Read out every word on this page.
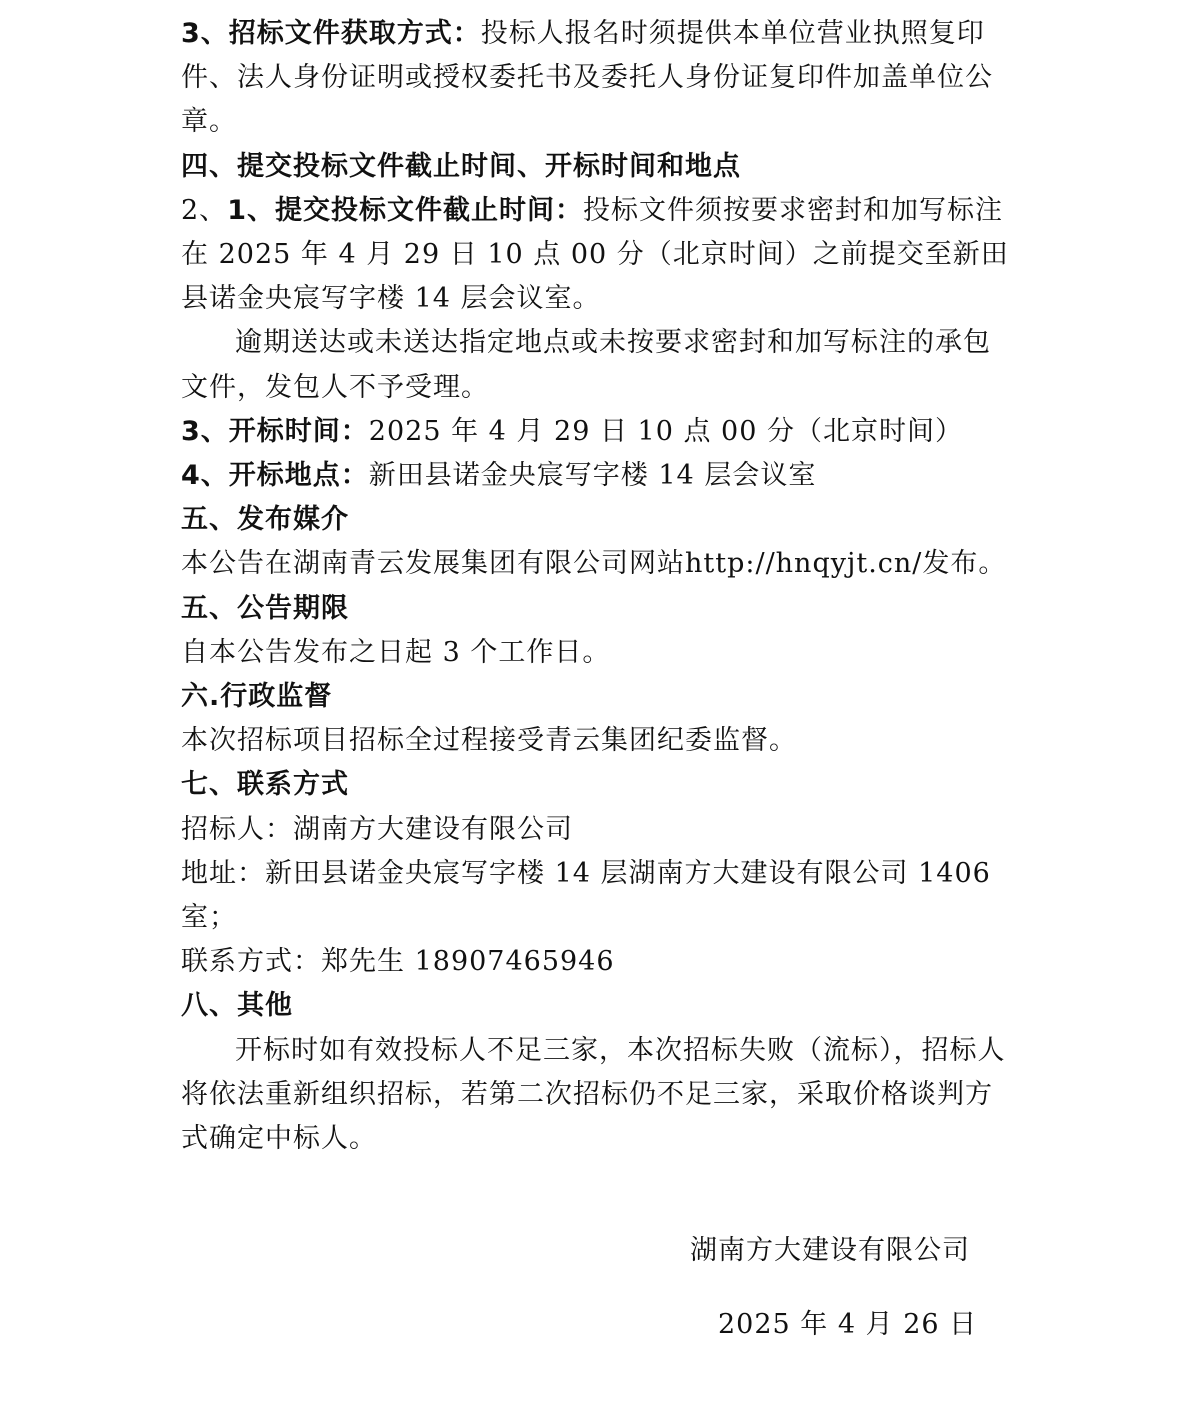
3、招标文件获取方式：投标人报名时须提供本单位营业执照复印件、法人身份证明或授权委托书及委托人身份证复印件加盖单位公章。

四、提交投标文件截止时间、开标时间和地点

2、1、提交投标文件截止时间：投标文件须按要求密封和加写标注在 2025 年 4 月 29 日 10 点 00 分（北京时间）之前提交至新田县诺金央宸写字楼 14 层会议室。

逾期送达或未送达指定地点或未按要求密封和加写标注的承包文件，发包人不予受理。

3、开标时间：2025 年 4 月 29 日 10 点 00 分（北京时间）

4、开标地点：新田县诺金央宸写字楼 14 层会议室

五、发布媒介

本公告在湖南青云发展集团有限公司网站http://hnqyjt.cn/发布。

五、公告期限

自本公告发布之日起 3 个工作日。

六.行政监督

本次招标项目招标全过程接受青云集团纪委监督。

七、联系方式

招标人：湖南方大建设有限公司

地址：新田县诺金央宸写字楼 14 层湖南方大建设有限公司 1406 室；

联系方式：郑先生 18907465946

八、其他

开标时如有效投标人不足三家，本次招标失败（流标），招标人将依法重新组织招标，若第二次招标仍不足三家，采取价格谈判方式确定中标人。

湖南方大建设有限公司
2025 年 4 月 26 日
